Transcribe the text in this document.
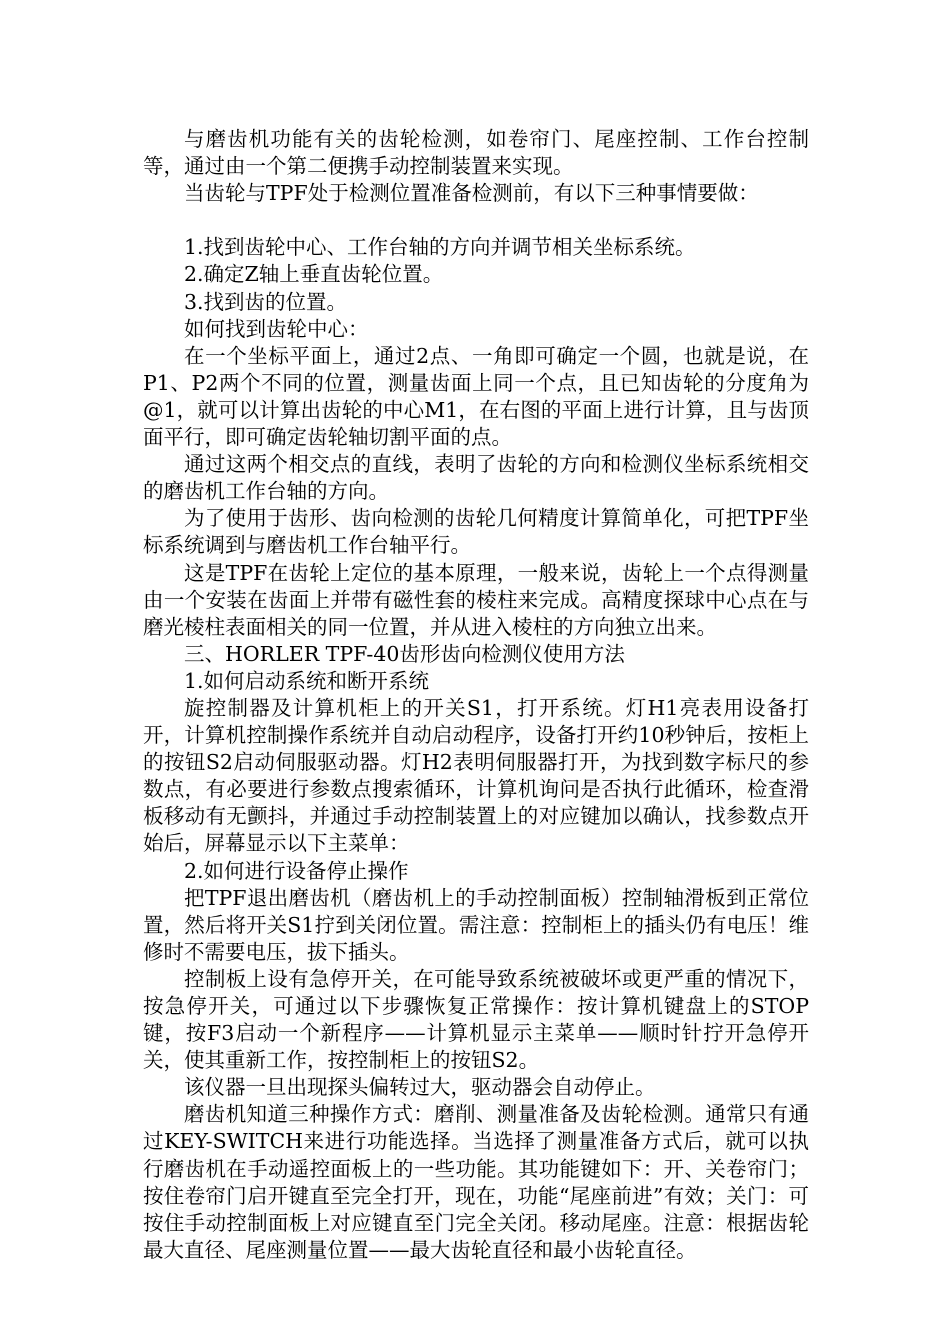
与磨齿机功能有关的齿轮检测，如卷帘门、尾座控制、工作台控制等，通过由一个第二便携手动控制装置来实现。

当齿轮与TPF处于检测位置准备检测前，有以下三种事情要做：

1.找到齿轮中心、工作台轴的方向并调节相关坐标系统。

2.确定Z轴上垂直齿轮位置。

3.找到齿的位置。

如何找到齿轮中心：

在一个坐标平面上，通过2点、一角即可确定一个圆，也就是说，在P1、P2两个不同的位置，测量齿面上同一个点，且已知齿轮的分度角为@1，就可以计算出齿轮的中心M1，在右图的平面上进行计算，且与齿顶面平行，即可确定齿轮轴切割平面的点。

通过这两个相交点的直线，表明了齿轮的方向和检测仪坐标系统相交的磨齿机工作台轴的方向。

为了使用于齿形、齿向检测的齿轮几何精度计算简单化，可把TPF坐标系统调到与磨齿机工作台轴平行。

这是TPF在齿轮上定位的基本原理，一般来说，齿轮上一个点得测量由一个安装在齿面上并带有磁性套的棱柱来完成。高精度探球中心点在与磨光棱柱表面相关的同一位置，并从进入棱柱的方向独立出来。

三、HORLER TPF-40齿形齿向检测仪使用方法

1.如何启动系统和断开系统

旋控制器及计算机柜上的开关S1，打开系统。灯H1亮表用设备打开，计算机控制操作系统并自动启动程序，设备打开约10秒钟后，按柜上的按钮S2启动伺服驱动器。灯H2表明伺服器打开，为找到数字标尺的参数点，有必要进行参数点搜索循环，计算机询问是否执行此循环，检查滑板移动有无颤抖，并通过手动控制装置上的对应键加以确认，找参数点开始后，屏幕显示以下主菜单：

2.如何进行设备停止操作

把TPF退出磨齿机（磨齿机上的手动控制面板）控制轴滑板到正常位置，然后将开关S1拧到关闭位置。需注意：控制柜上的插头仍有电压！维修时不需要电压，拔下插头。

控制板上设有急停开关，在可能导致系统被破坏或更严重的情况下，按急停开关，可通过以下步骤恢复正常操作：按计算机键盘上的STOP键，按F3启动一个新程序——计算机显示主菜单——顺时针拧开急停开关，使其重新工作，按控制柜上的按钮S2。

该仪器一旦出现探头偏转过大，驱动器会自动停止。

磨齿机知道三种操作方式：磨削、测量准备及齿轮检测。通常只有通过KEY-SWITCH来进行功能选择。当选择了测量准备方式后，就可以执行磨齿机在手动遥控面板上的一些功能。其功能键如下：开、关卷帘门；按住卷帘门启开键直至完全打开，现在，功能“尾座前进”有效；关门：可按住手动控制面板上对应键直至门完全关闭。移动尾座。注意：根据齿轮最大直径、尾座测量位置——最大齿轮直径和最小齿轮直径。
